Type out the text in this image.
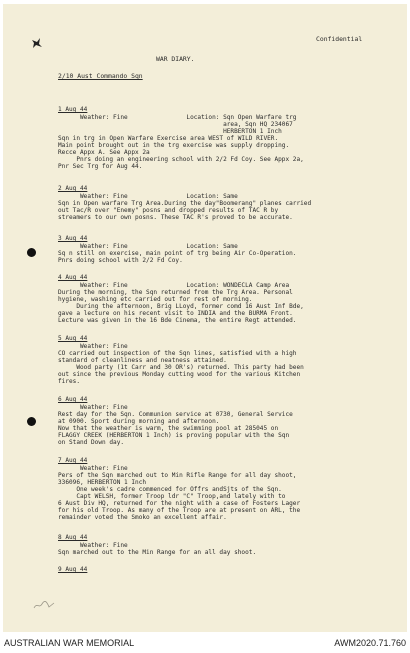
Confidential
WAR DIARY.
2/10 Aust Commando Sqn
1 Aug 44
Weather: Fine                Location: Sqn Open Warfare trg
area, Sqn HQ 234067
HERBERTON 1 Inch
Sqn in trg in Open Warfare Exercise area WEST of WILD RIVER.
Main point brought out in the trg exercise was supply dropping.
Recce Appx A. See Appx 2a
Pnrs doing an engineering school with 2/2 Fd Coy. See Appx 2a,
Pnr Sec Trg for Aug 44.
2 Aug 44
Weather: Fine                Location: Same
Sqn in Open warfare Trg Area.During the day"Boomerang" planes carried
out Tac/R over "Enemy" posns and dropped results of TAC R by
streamers to our own posns. These TAC R's proved to be accurate.
3 Aug 44
Weather: Fine                Location: Same
Sq n still on exercise, main point of trg being Air Co-Operation.
Pnrs doing school with 2/2 Fd Coy.
4 Aug 44
Weather: Fine                Location: WONDECLA Camp Area
During the morning, the Sqn returned from the Trg Area. Personal
hygiene, washing etc carried out for rest of morning.
During the afternoon, Brig LLoyd, former comd 16 Aust Inf Bde,
gave a lecture on his recent visit to INDIA and the BURMA Front.
Lecture was given in the 16 Bde Cinema, the entire Regt attended.
5 Aug 44
Weather: Fine
CO carried out inspection of the Sqn lines, satisfied with a high
standard of cleanliness and neatness attained.
Wood party (1t Carr and 30 OR's) returned. This party had been
out since the previous Monday cutting wood for the various Kitchen
fires.
6 Aug 44
Weather: Fine
Rest day for the Sqn. Communion service at 0730, General Service
at 0900. Sport during morning and afternoon.
Now that the weather is warm, the swimming pool at 285045 on
FLAGGY CREEK (HERBERTON 1 Inch) is proving popular with the Sqn
on Stand Down day.
7 Aug 44
Weather: Fine
Pers of the Sqn marched out to Min Rifle Range for all day shoot,
336096, HERBERTON 1 Inch
One week's cadre commenced for Offrs andSjts of the Sqn.
Capt WELSH, former Troop ldr "C" Troop,and lately with to
6 Aust Div HQ, returned for the night with a case of Fosters Lager
for his old Troop. As many of the Troop are at present on ARL, the
remainder voted the Smoko an excellent affair.
8 Aug 44
Weather: Fine
Sqn marched out to the Min Range for an all day shoot.
9 Aug 44
AUSTRALIAN WAR MEMORIAL	AWM2020.71.760
